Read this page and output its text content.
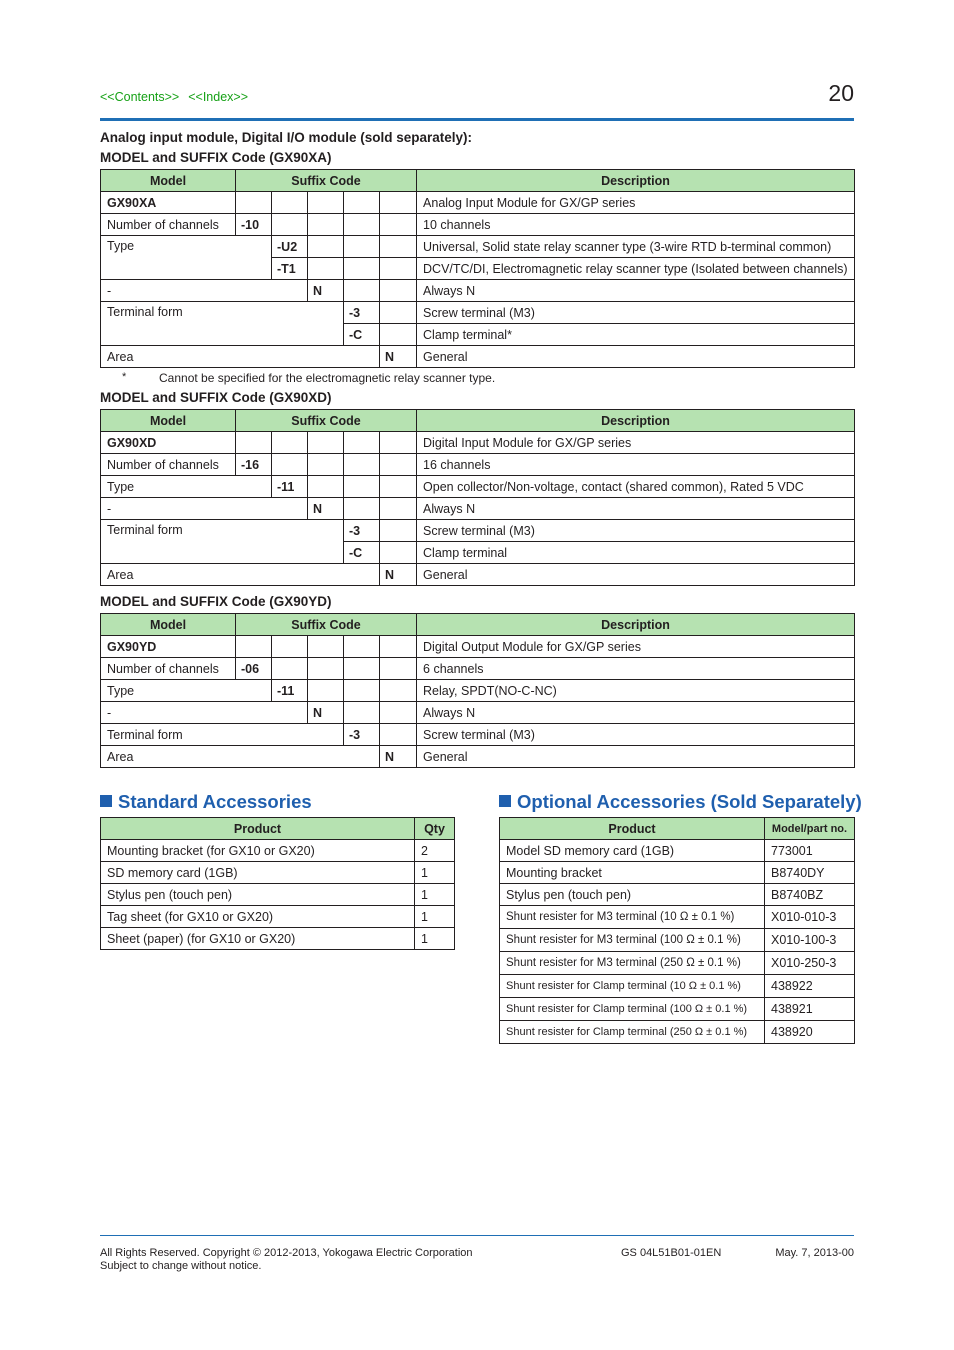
<<Contents>> <<Index>>	20
Analog input module, Digital I/O module (sold separately):
MODEL and SUFFIX Code (GX90XA)
Model	Suffix Code					Description
GX90XA						Analog Input Module for GX/GP series
Number of channels	-10					10 channels
Type		-U2				Universal, Solid state relay scanner type (3-wire RTD b-terminal common)
		-T1				DCV/TC/DI, Electromagnetic relay scanner type (Isolated between channels)
-			N			Always N
Terminal form				-3		Screw terminal (M3)
				-C		Clamp terminal*
Area					N	General
*	Cannot be specified for the electromagnetic relay scanner type.
MODEL and SUFFIX Code (GX90XD)
Model	Suffix Code					Description
GX90XD						Digital Input Module for GX/GP series
Number of channels	-16					16 channels
Type		-11				Open collector/Non-voltage, contact (shared common), Rated 5 VDC
-			N			Always N
Terminal form				-3		Screw terminal (M3)
				-C		Clamp terminal
Area					N	General
MODEL and SUFFIX Code (GX90YD)
Model	Suffix Code					Description
GX90YD						Digital Output Module for GX/GP series
Number of channels	-06					6 channels
Type		-11				Relay, SPDT(NO-C-NC)
-			N			Always N
Terminal form				-3		Screw terminal (M3)
Area					N	General
Standard Accessories
Product	Qty
Mounting bracket (for GX10 or GX20)	2
SD memory card (1GB)	1
Stylus pen (touch pen)	1
Tag sheet (for GX10 or GX20)	1
Sheet (paper) (for GX10 or GX20)	1
Optional Accessories (Sold Separately)
Product	Model/part no.
Model SD memory card (1GB)	773001
Mounting bracket	B8740DY
Stylus pen (touch pen)	B8740BZ
Shunt resister for M3 terminal (10 Ω ± 0.1 %)	X010-010-3
Shunt resister for M3 terminal (100 Ω ± 0.1 %)	X010-100-3
Shunt resister for M3 terminal (250 Ω ± 0.1 %)	X010-250-3
Shunt resister for Clamp terminal (10 Ω ± 0.1 %)	438922
Shunt resister for Clamp terminal (100 Ω ± 0.1 %)	438921
Shunt resister for Clamp terminal (250 Ω ± 0.1 %)	438920
All Rights Reserved. Copyright © 2012-2013, Yokogawa Electric Corporation
Subject to change without notice.
GS 04L51B01-01EN	May. 7, 2013-00
